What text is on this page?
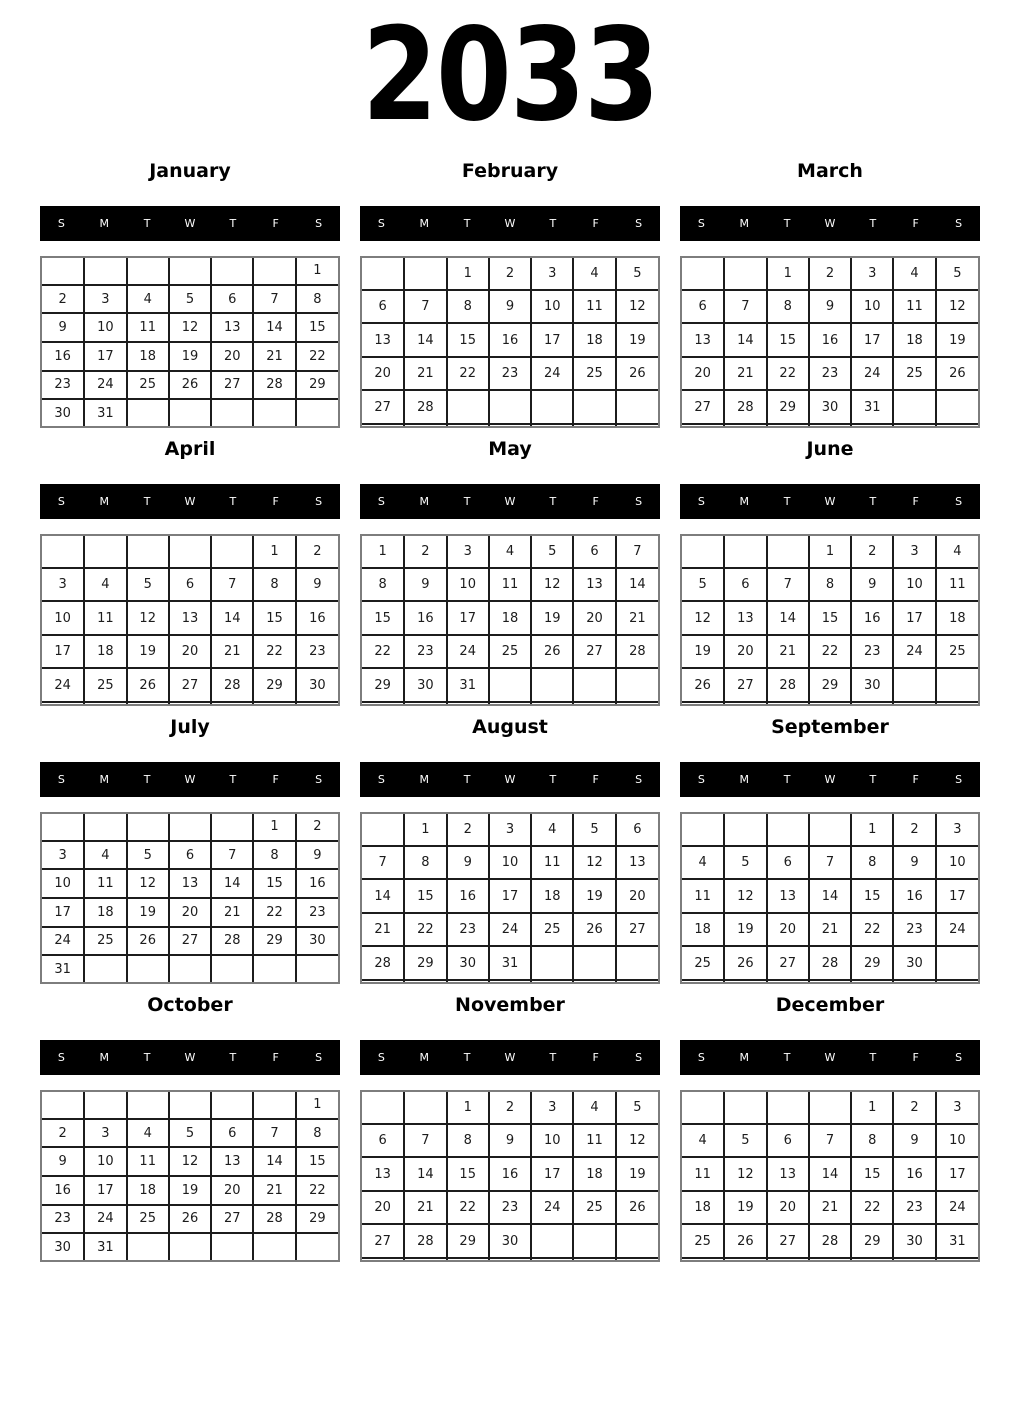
2033
January
S	M	T	W	T	F	S
						1
2	3	4	5	6	7	8
9	10	11	12	13	14	15
16	17	18	19	20	21	22
23	24	25	26	27	28	29
30	31					
February
S	M	T	W	T	F	S
		1	2	3	4	5
6	7	8	9	10	11	12
13	14	15	16	17	18	19
20	21	22	23	24	25	26
27	28					

March
S	M	T	W	T	F	S
		1	2	3	4	5
6	7	8	9	10	11	12
13	14	15	16	17	18	19
20	21	22	23	24	25	26
27	28	29	30	31		

April
S	M	T	W	T	F	S
					1	2
3	4	5	6	7	8	9
10	11	12	13	14	15	16
17	18	19	20	21	22	23
24	25	26	27	28	29	30

May
S	M	T	W	T	F	S
1	2	3	4	5	6	7
8	9	10	11	12	13	14
15	16	17	18	19	20	21
22	23	24	25	26	27	28
29	30	31				

June
S	M	T	W	T	F	S
			1	2	3	4
5	6	7	8	9	10	11
12	13	14	15	16	17	18
19	20	21	22	23	24	25
26	27	28	29	30		

July
S	M	T	W	T	F	S
					1	2
3	4	5	6	7	8	9
10	11	12	13	14	15	16
17	18	19	20	21	22	23
24	25	26	27	28	29	30
31						
August
S	M	T	W	T	F	S
	1	2	3	4	5	6
7	8	9	10	11	12	13
14	15	16	17	18	19	20
21	22	23	24	25	26	27
28	29	30	31			

September
S	M	T	W	T	F	S
				1	2	3
4	5	6	7	8	9	10
11	12	13	14	15	16	17
18	19	20	21	22	23	24
25	26	27	28	29	30	

October
S	M	T	W	T	F	S
						1
2	3	4	5	6	7	8
9	10	11	12	13	14	15
16	17	18	19	20	21	22
23	24	25	26	27	28	29
30	31					
November
S	M	T	W	T	F	S
		1	2	3	4	5
6	7	8	9	10	11	12
13	14	15	16	17	18	19
20	21	22	23	24	25	26
27	28	29	30			

December
S	M	T	W	T	F	S
				1	2	3
4	5	6	7	8	9	10
11	12	13	14	15	16	17
18	19	20	21	22	23	24
25	26	27	28	29	30	31
